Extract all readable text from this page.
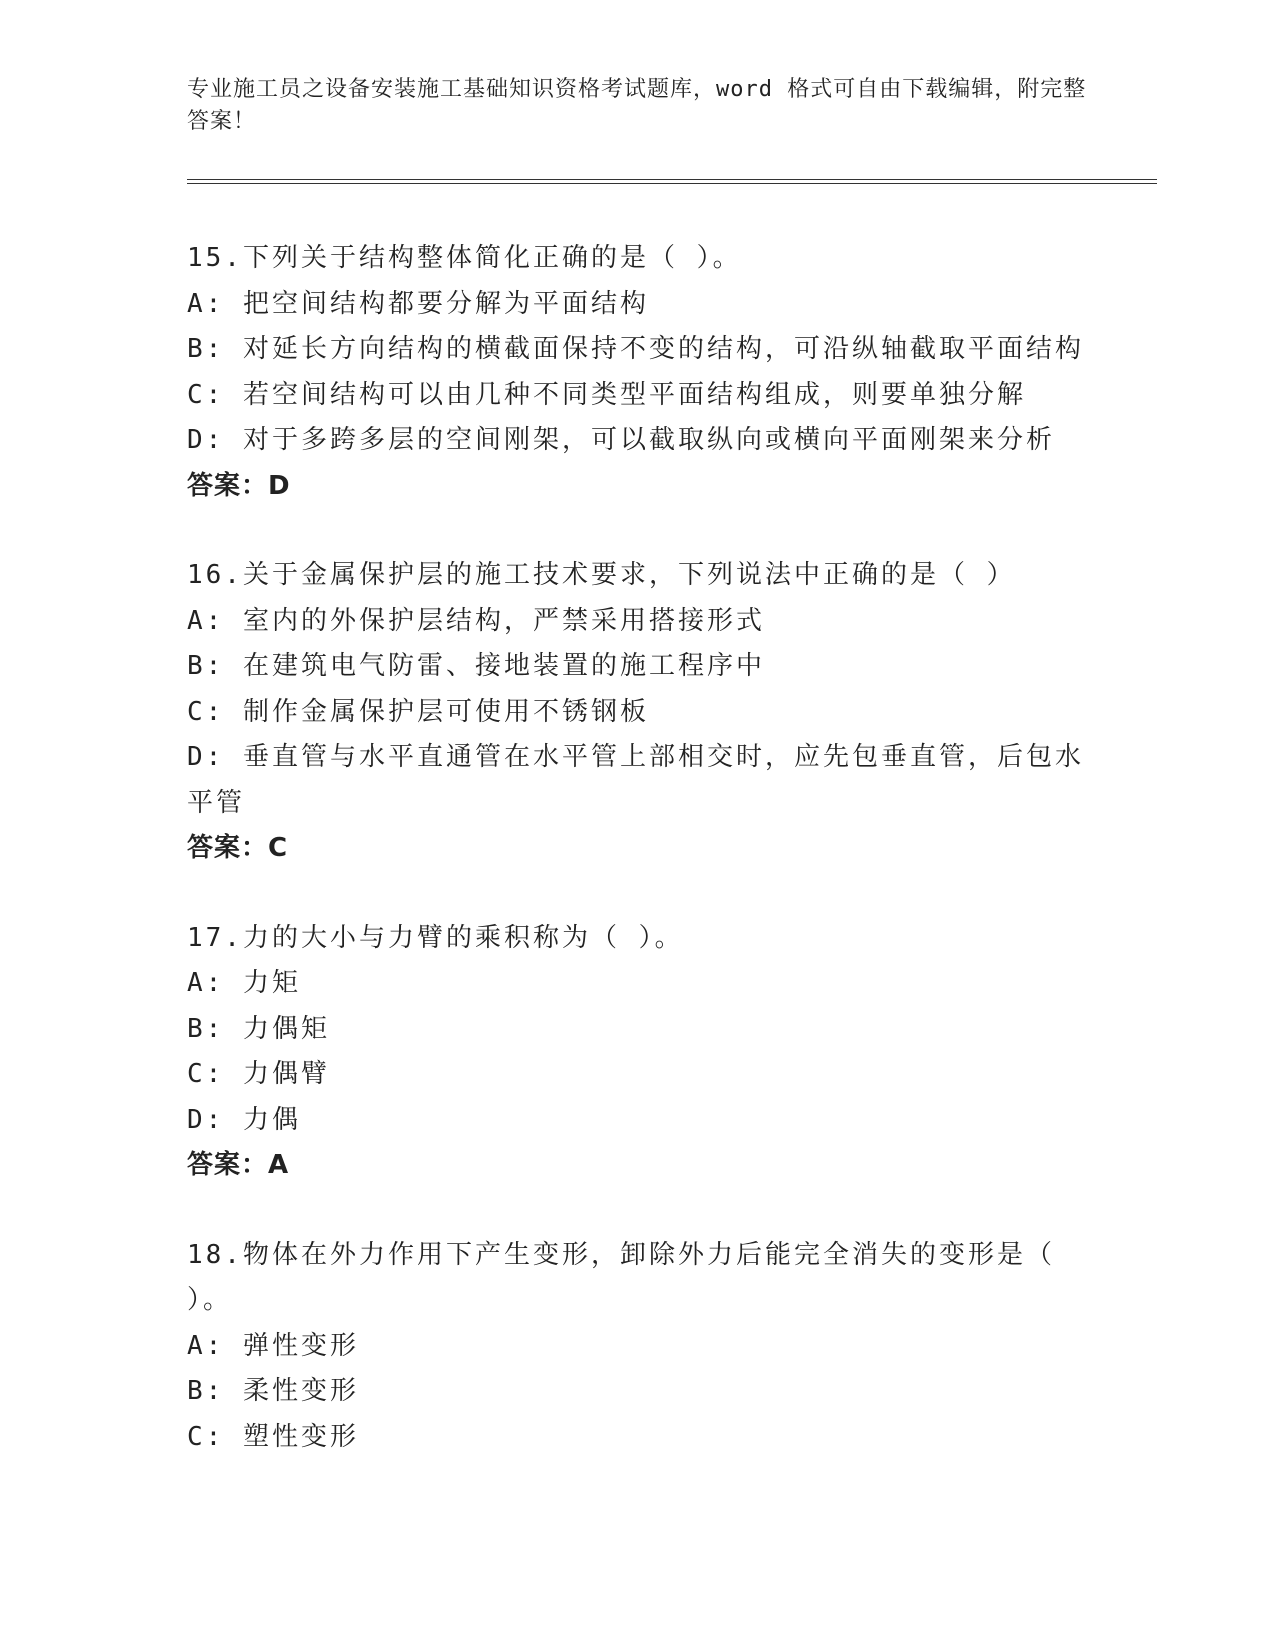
专业施工员之设备安装施工基础知识资格考试题库，word 格式可自由下载编辑，附完整答案！
15.下列关于结构整体简化正确的是（ ）。
A: 把空间结构都要分解为平面结构
B: 对延长方向结构的横截面保持不变的结构，可沿纵轴截取平面结构
C: 若空间结构可以由几种不同类型平面结构组成，则要单独分解
D: 对于多跨多层的空间刚架，可以截取纵向或横向平面刚架来分析
答案：D
16.关于金属保护层的施工技术要求，下列说法中正确的是（ ）
A: 室内的外保护层结构，严禁采用搭接形式
B: 在建筑电气防雷、接地装置的施工程序中
C: 制作金属保护层可使用不锈钢板
D: 垂直管与水平直通管在水平管上部相交时，应先包垂直管，后包水平管
答案：C
17.力的大小与力臂的乘积称为（ ）。
A: 力矩
B: 力偶矩
C: 力偶臂
D: 力偶
答案：A
18.物体在外力作用下产生变形，卸除外力后能完全消失的变形是（ ）。
A: 弹性变形
B: 柔性变形
C: 塑性变形
